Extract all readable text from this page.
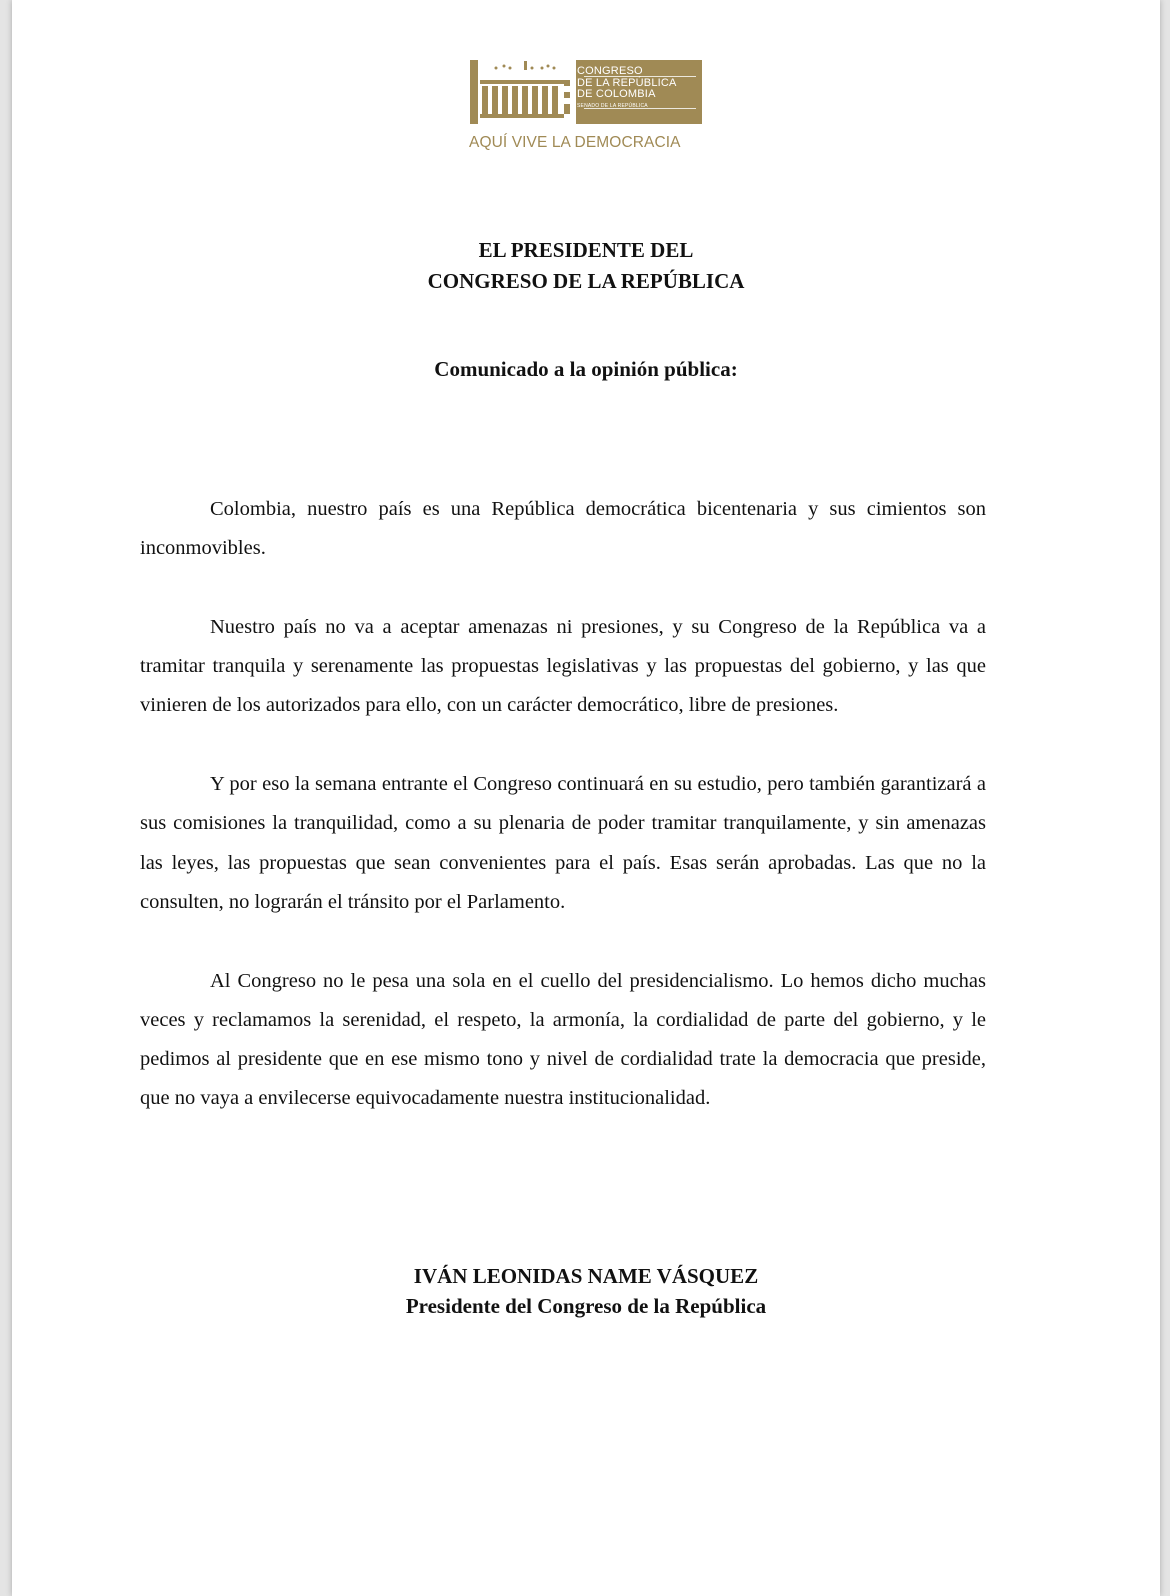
CONGRESO
DE LA REPÚBLICA
DE COLOMBIA
SENADO DE LA REPÚBLICA
AQUÍ VIVE LA DEMOCRACIA
EL PRESIDENTE DEL
CONGRESO DE LA REPÚBLICA
Comunicado a la opinión pública:

Colombia, nuestro país es una República democrática bicentenaria y sus cimientos son inconmovibles.

Nuestro país no va a aceptar amenazas ni presiones, y su Congreso de la República va a tramitar tranquila y serenamente las propuestas legislativas y las propuestas del gobierno, y las que vinieren de los autorizados para ello, con un carácter democrático, libre de presiones.

Y por eso la semana entrante el Congreso continuará en su estudio, pero también garantizará a sus comisiones la tranquilidad, como a su plenaria de poder tramitar tranquilamente, y sin amenazas las leyes, las propuestas que sean convenientes para el país. Esas serán aprobadas. Las que no la consulten, no lograrán el tránsito por el Parlamento.

Al Congreso no le pesa una sola en el cuello del presidencialismo. Lo hemos dicho muchas veces y reclamamos la serenidad, el respeto, la armonía, la cordialidad de parte del gobierno, y le pedimos al presidente que en ese mismo tono y nivel de cordialidad trate la democracia que preside, que no vaya a envilecerse equivocadamente nuestra institucionalidad.

IVÁN LEONIDAS NAME VÁSQUEZ
Presidente del Congreso de la República
